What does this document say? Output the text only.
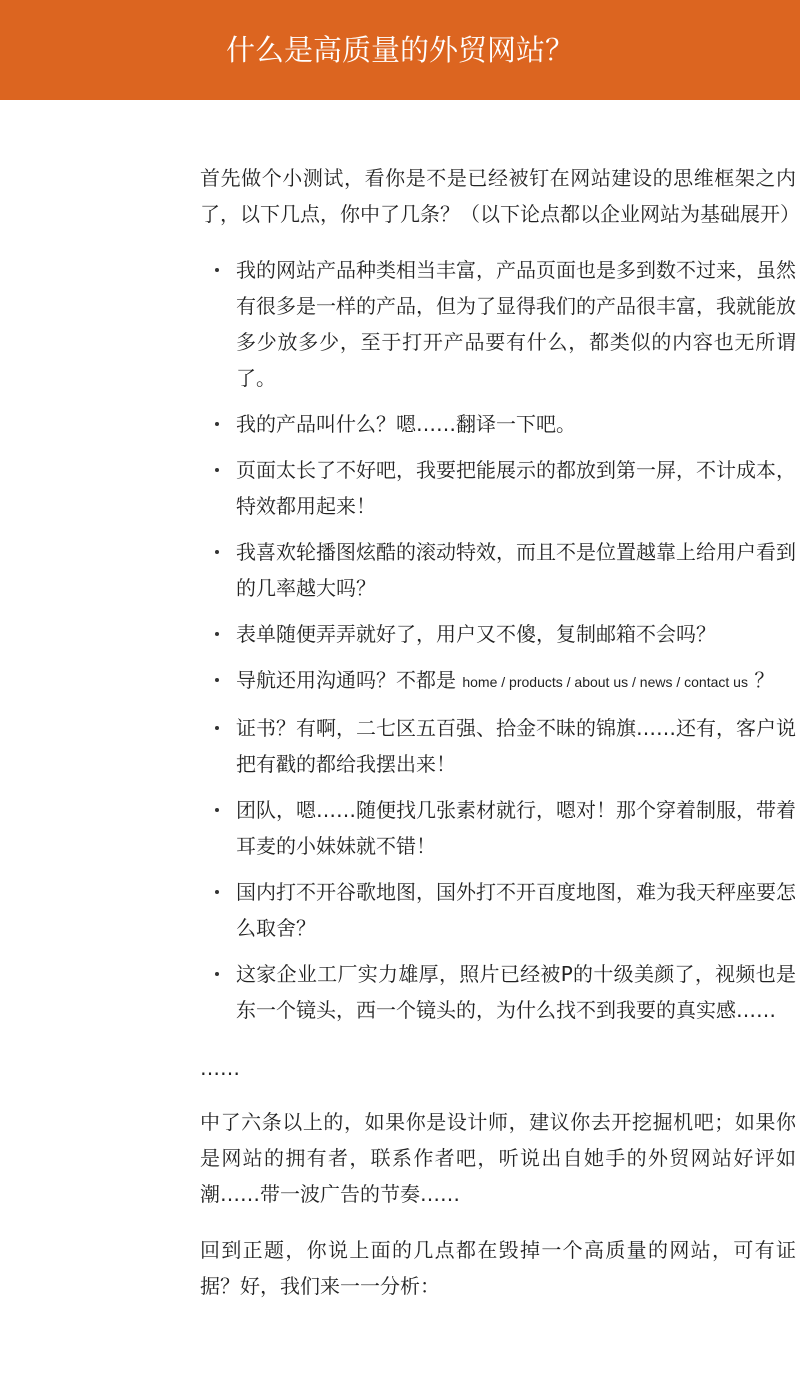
什么是高质量的外贸网站？

首先做个小测试，看你是不是已经被钉在网站建设的思维框架之内了，以下几点，你中了几条？（以下论点都以企业网站为基础展开）

我的网站产品种类相当丰富，产品页面也是多到数不过来，虽然有很多是一样的产品，但为了显得我们的产品很丰富，我就能放多少放多少，至于打开产品要有什么，都类似的内容也无所谓了。
我的产品叫什么？嗯……翻译一下吧。
页面太长了不好吧，我要把能展示的都放到第一屏，不计成本，特效都用起来！
我喜欢轮播图炫酷的滚动特效，而且不是位置越靠上给用户看到的几率越大吗？
表单随便弄弄就好了，用户又不傻，复制邮箱不会吗？
导航还用沟通吗？不都是 home / products / about us / news / contact us ？
证书？有啊，二七区五百强、拾金不昧的锦旗……还有，客户说把有戳的都给我摆出来！
团队，嗯……随便找几张素材就行，嗯对！那个穿着制服，带着耳麦的小妹妹就不错！
国内打不开谷歌地图，国外打不开百度地图，难为我天秤座要怎么取舍？
这家企业工厂实力雄厚，照片已经被P的十级美颜了，视频也是东一个镜头，西一个镜头的，为什么找不到我要的真实感……

……

中了六条以上的，如果你是设计师，建议你去开挖掘机吧；如果你是网站的拥有者，联系作者吧，听说出自她手的外贸网站好评如潮……带一波广告的节奏……

回到正题，你说上面的几点都在毁掉一个高质量的网站，可有证据？好，我们来一一分析：
